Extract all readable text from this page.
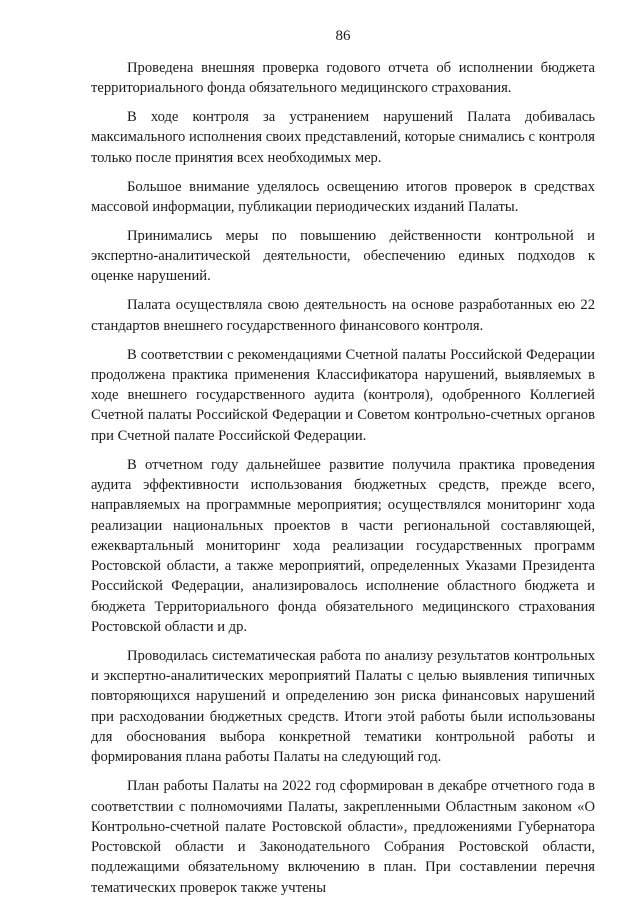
86

Проведена внешняя проверка годового отчета об исполнении бюджета территориального фонда обязательного медицинского страхования.

В ходе контроля за устранением нарушений Палата добивалась максимального исполнения своих представлений, которые снимались с контроля только после принятия всех необходимых мер.

Большое внимание уделялось освещению итогов проверок в средствах массовой информации, публикации периодических изданий Палаты.

Принимались меры по повышению действенности контрольной и экспертно-аналитической деятельности, обеспечению единых подходов к оценке нарушений.

Палата осуществляла свою деятельность на основе разработанных ею 22 стандартов внешнего государственного финансового контроля.

В соответствии с рекомендациями Счетной палаты Российской Федерации продолжена практика применения Классификатора нарушений, выявляемых в ходе внешнего государственного аудита (контроля), одобренного Коллегией Счетной палаты Российской Федерации и Советом контрольно-счетных органов при Счетной палате Российской Федерации.

В отчетном году дальнейшее развитие получила практика проведения аудита эффективности использования бюджетных средств, прежде всего, направляемых на программные мероприятия; осуществлялся мониторинг хода реализации национальных проектов в части региональной составляющей, ежеквартальный мониторинг хода реализации государственных программ Ростовской области, а также мероприятий, определенных Указами Президента Российской Федерации, анализировалось исполнение областного бюджета и бюджета Территориального фонда обязательного медицинского страхования Ростовской области и др.

Проводилась систематическая работа по анализу результатов контрольных и экспертно-аналитических мероприятий Палаты с целью выявления типичных повторяющихся нарушений и определению зон риска финансовых нарушений при расходовании бюджетных средств. Итоги этой работы были использованы для обоснования выбора конкретной тематики контрольной работы и формирования плана работы Палаты на следующий год.

План работы Палаты на 2022 год сформирован в декабре отчетного года в соответствии с полномочиями Палаты, закрепленными Областным законом «О Контрольно-счетной палате Ростовской области», предложениями Губернатора Ростовской области и Законодательного Собрания Ростовской области, подлежащими обязательному включению в план. При составлении перечня тематических проверок также учтены
